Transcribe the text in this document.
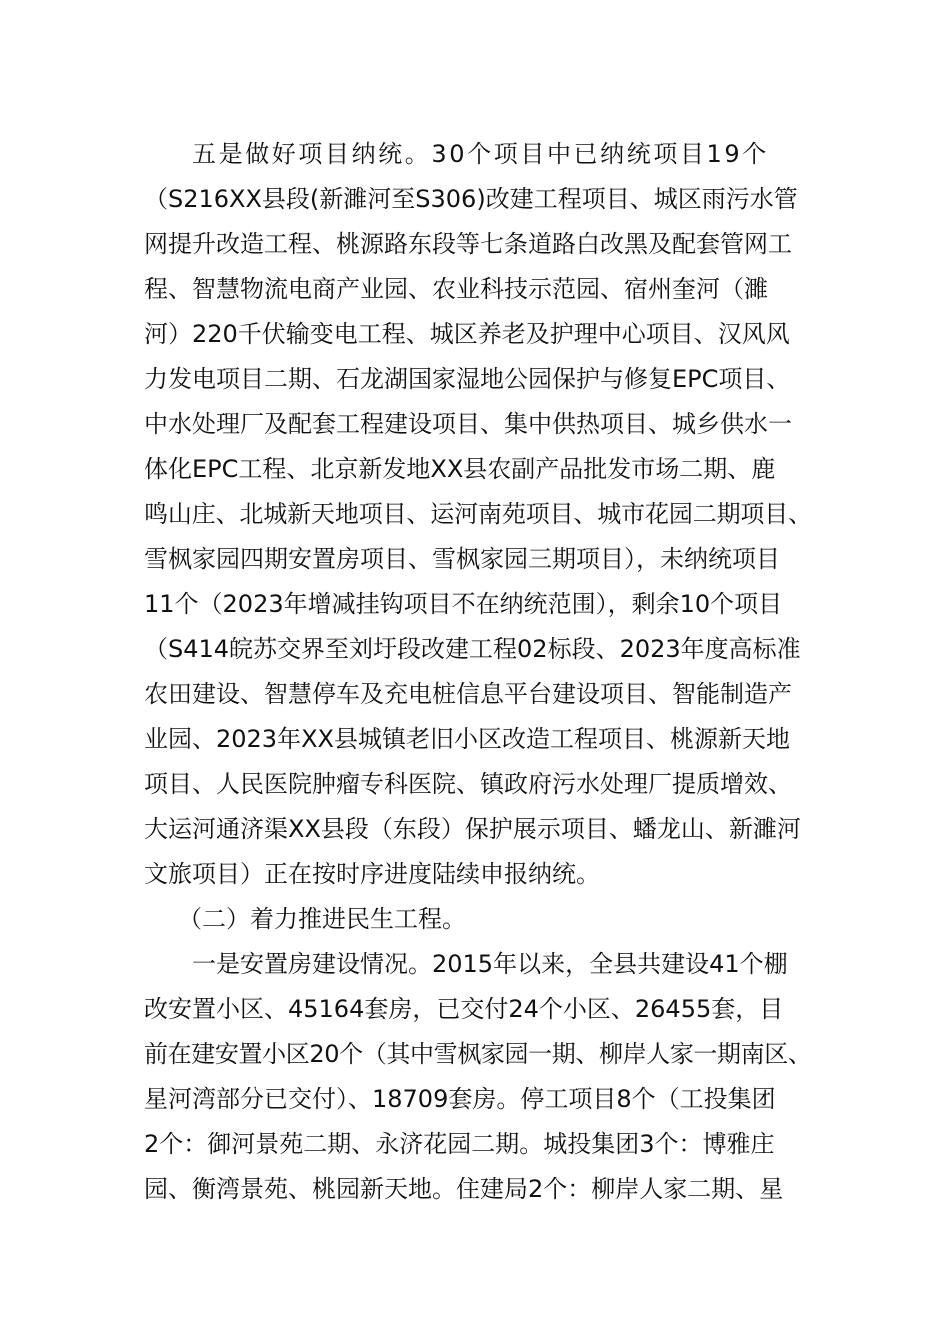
五是做好项目纳统。30个项目中已纳统项目19个
（S216XX县段(新濉河至S306)改建工程项目、城区雨污水管
网提升改造工程、桃源路东段等七条道路白改黑及配套管网工
程、智慧物流电商产业园、农业科技示范园、宿州奎河（濉
河）220千伏输变电工程、城区养老及护理中心项目、汉风风
力发电项目二期、石龙湖国家湿地公园保护与修复EPC项目、
中水处理厂及配套工程建设项目、集中供热项目、城乡供水一
体化EPC工程、北京新发地XX县农副产品批发市场二期、鹿
鸣山庄、北城新天地项目、运河南苑项目、城市花园二期项目、
雪枫家园四期安置房项目、雪枫家园三期项目），未纳统项目
11个（2023年增减挂钩项目不在纳统范围），剩余10个项目
（S414皖苏交界至刘圩段改建工程02标段、2023年度高标准
农田建设、智慧停车及充电桩信息平台建设项目、智能制造产
业园、2023年XX县城镇老旧小区改造工程项目、桃源新天地
项目、人民医院肿瘤专科医院、镇政府污水处理厂提质增效、
大运河通济渠XX县段（东段）保护展示项目、蟠龙山、新濉河
文旅项目）正在按时序进度陆续申报纳统。
（二）着力推进民生工程。
一是安置房建设情况。2015年以来，全县共建设41个棚
改安置小区、45164套房，已交付24个小区、26455套，目
前在建安置小区20个（其中雪枫家园一期、柳岸人家一期南区、
星河湾部分已交付）、18709套房。停工项目8个（工投集团
2个：御河景苑二期、永济花园二期。城投集团3个：博雅庄
园、衡湾景苑、桃园新天地。住建局2个：柳岸人家二期、星
